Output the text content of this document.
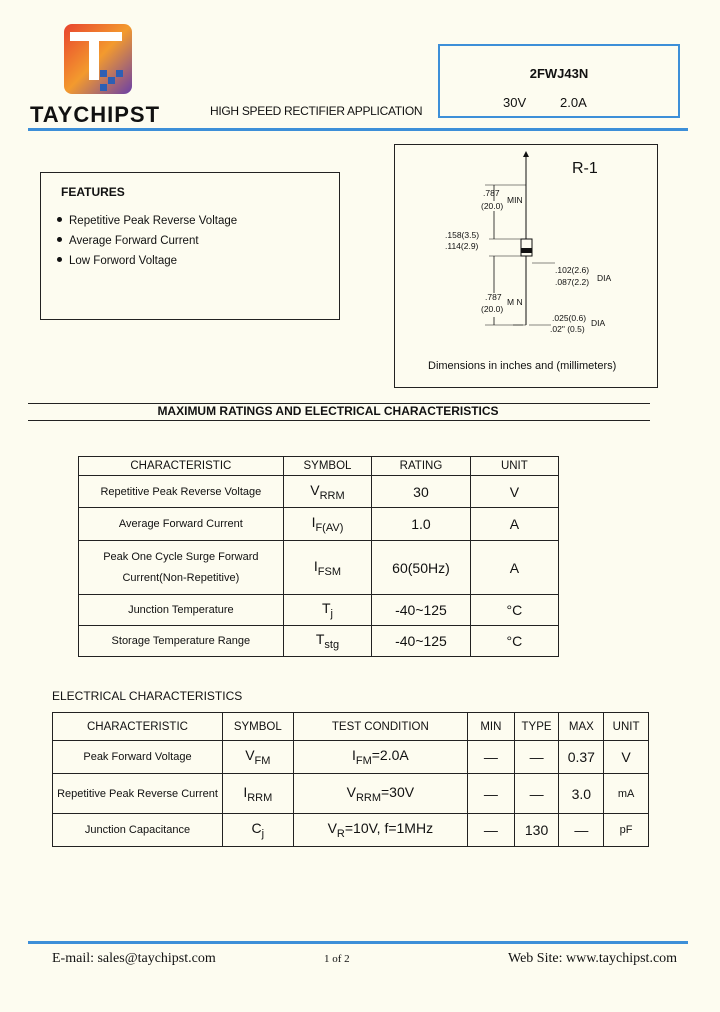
TAYCHIPST	HIGH SPEED RECTIFIER APPLICATION
2FWJ43N
30V	2.0A
FEATURES
Repetitive Peak Reverse Voltage
Average Forward Current
Low Forword Voltage
R-1
.787
(20.0)
MIN
.158(3.5)
.114(2.9)
.787
(20.0)
M N
.102(2.6)
.087(2.2) DIA
.025(0.6)
.02" (0.5)
DIA
Dimensions in inches and (millimeters)
MAXIMUM RATINGS AND ELECTRICAL CHARACTERISTICS
CHARACTERISTIC	SYMBOL	RATING	UNIT
Repetitive Peak Reverse Voltage	$V_{RRM}$	30	V
Average Forward Current	$I_{F(AV)}$	1.0	A
Peak One Cycle Surge Forward
Current(Non-Repetitive)	$I_{FSM}$	60(50Hz)	A
Junction Temperature	$T_j$	-40~125	°C
Storage Temperature Range	$T_{stg}$	-40~125	°C
ELECTRICAL CHARACTERISTICS
CHARACTERISTIC	SYMBOL	TEST CONDITION	MIN	TYPE	MAX	UNIT
Peak Forward Voltage	$V_{FM}$	$I_{FM}=2.0A$	—	—	0.37	V
Repetitive Peak Reverse Current	$I_{RRM}$	$V_{RRM}=30V$	—	—	3.0	mA
Junction Capacitance	$C_j$	$V_R=10V$, f=1MHz	—	130	—	pF
E-mail: sales@taychipst.com	1 of 2	Web Site: www.taychipst.com
